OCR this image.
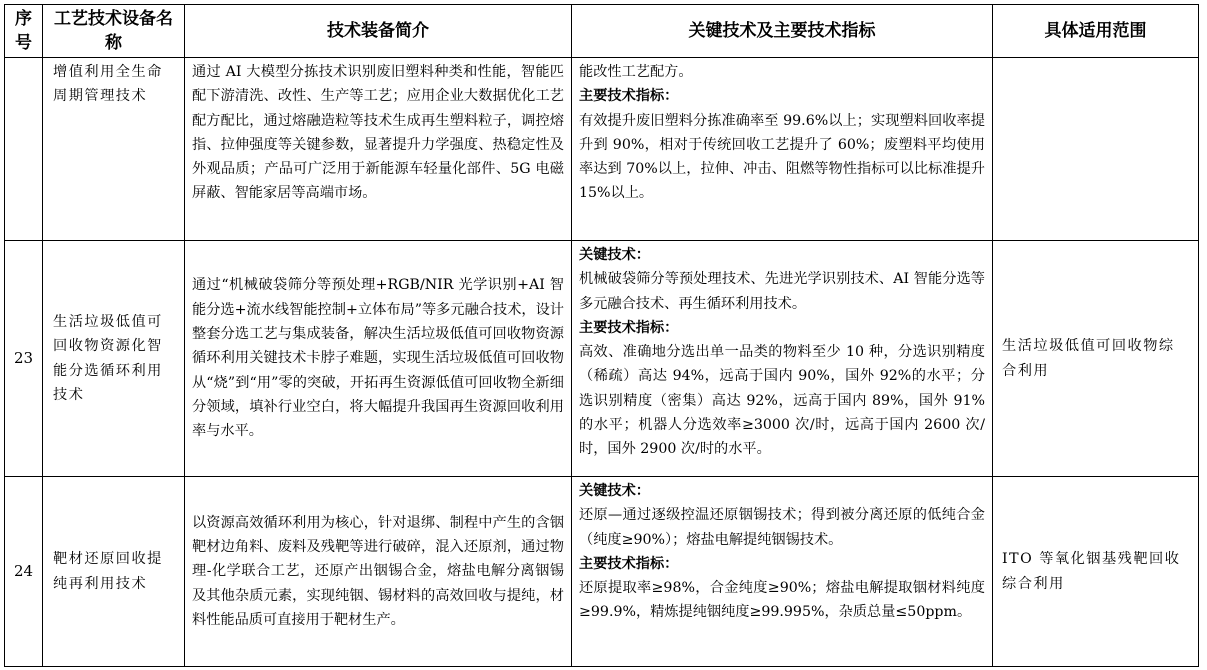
序号	工艺技术设备名称	技术装备简介	关键技术及主要技术指标	具体适用范围
	增值利用全生命周期管理技术	通过 AI 大模型分拣技术识别废旧塑料种类和性能，智能匹配下游清洗、改性、生产等工艺；应用企业大数据优化工艺配方配比，通过熔融造粒等技术生成再生塑料粒子，调控熔指、拉伸强度等关键参数，显著提升力学强度、热稳定性及外观品质；产品可广泛用于新能源车轻量化部件、5G 电磁屏蔽、智能家居等高端市场。	能改性工艺配方。
主要技术指标：
有效提升废旧塑料分拣准确率至 99.6%以上；实现塑料回收率提升到 90%，相对于传统回收工艺提升了 60%；废塑料平均使用率达到 70%以上，拉伸、冲击、阻燃等物性指标可以比标准提升 15%以上。	

23	生活垃圾低值可回收物资源化智能分选循环利用技术	通过“机械破袋筛分等预处理+RGB/NIR 光学识别+AI 智能分选+流水线智能控制+立体布局”等多元融合技术，设计整套分选工艺与集成装备，解决生活垃圾低值可回收物资源循环利用关键技术卡脖子难题，实现生活垃圾低值可回收物从“烧”到“用”零的突破，开拓再生资源低值可回收物全新细分领域，填补行业空白，将大幅提升我国再生资源回收利用率与水平。	关键技术：
机械破袋筛分等预处理技术、先进光学识别技术、AI 智能分选等多元融合技术、再生循环利用技术。
主要技术指标：
高效、准确地分选出单一品类的物料至少 10 种，分选识别精度（稀疏）高达 94%，远高于国内 90%，国外 92%的水平；分选识别精度（密集）高达 92%，远高于国内 89%，国外 91%的水平；机器人分选效率≥3000 次/时，远高于国内 2600 次/时，国外 2900 次/时的水平。	生活垃圾低值可回收物综合利用
24	靶材还原回收提纯再利用技术	以资源高效循环利用为核心，针对退绑、制程中产生的含铟靶材边角料、废料及残靶等进行破碎，混入还原剂，通过物理-化学联合工艺，还原产出铟锡合金，熔盐电解分离铟锡及其他杂质元素，实现纯铟、锡材料的高效回收与提纯，材料性能品质可直接用于靶材生产。	关键技术：
还原—通过逐级控温还原铟锡技术；得到被分离还原的低纯合金（纯度≥90%）；熔盐电解提纯铟锡技术。
主要技术指标：
还原提取率≥98%，合金纯度≥90%；熔盐电解提取铟材料纯度≥99.9%，精炼提纯铟纯度≥99.995%，杂质总量≤50ppm。	ITO 等氧化铟基残靶回收综合利用
